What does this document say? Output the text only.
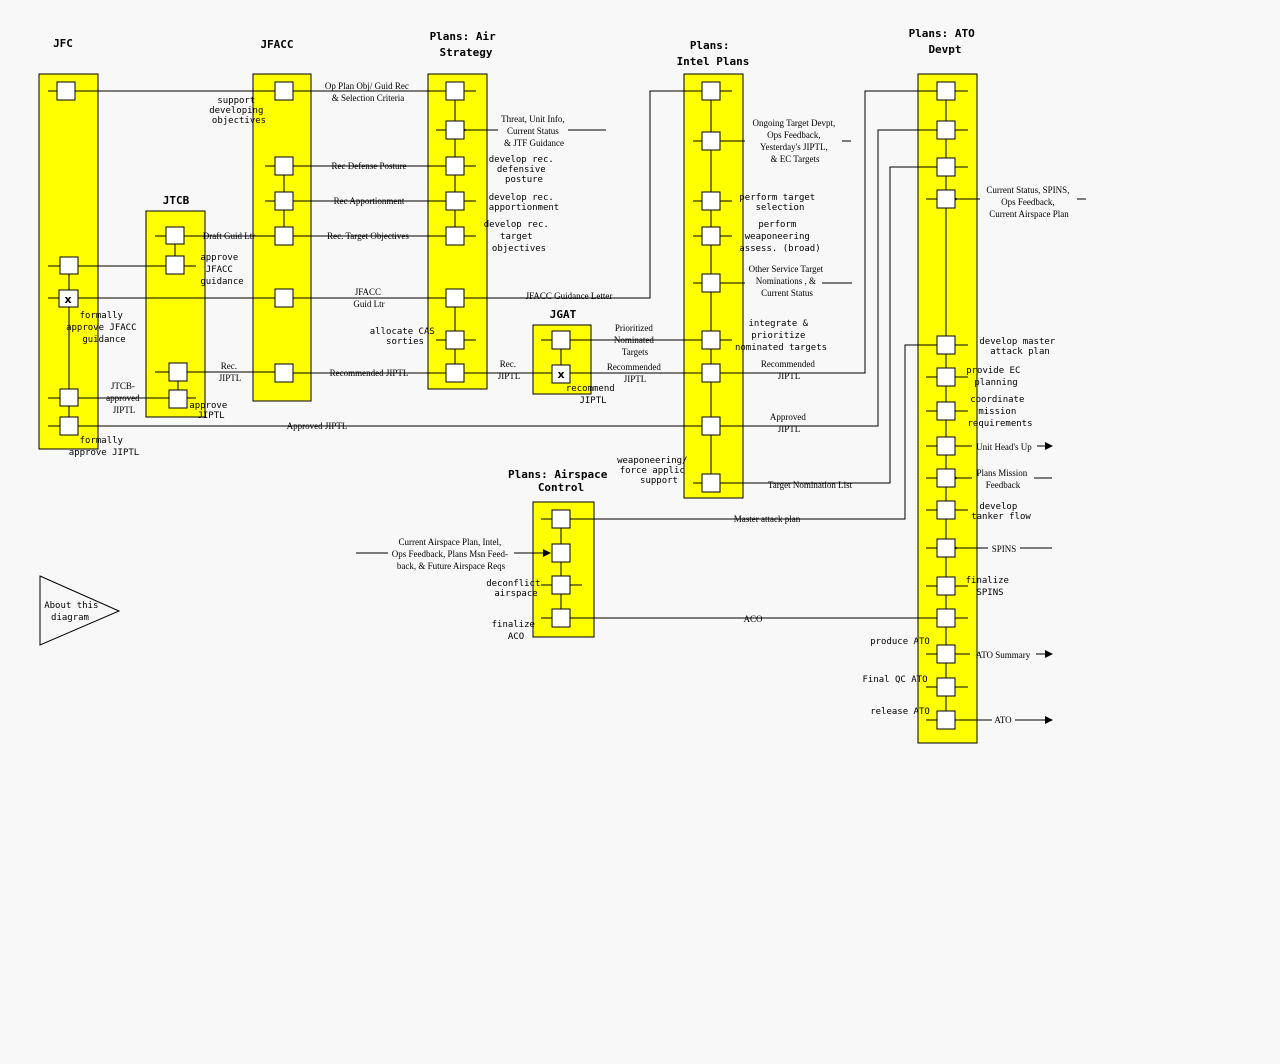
JFC	JFACC
Plans: Air Strategy
JTCB
Plans: Intel Plans
JGAT
Plans: Airspace Control
Plans: ATO Devpt
x
x
support developing objectives
formally approve JFACC guidance
formally approve JIPTL
approve JFACC guidance
approve JIPTL
develop rec. defensive posture
develop rec. apportionment
develop rec. target objectives
allocate CAS sorties
perform target selection
perform weaponeering assess. (broad)
integrate & prioritize nominated targets
weaponeering/ force applic support
recommend JIPTL
deconflict airspace
finalize ACO
develop master attack plan
provide EC planning
coordinate mission requirements
develop tanker flow
finalize SPINS
produce ATO
Final QC ATO
release ATO
Op Plan Obj/ Guid Rec & Selection Criteria
Threat, Unit Info, Current Status & JTF Guidance
Rec Defense Posture
Rec Apportionment
Draft Guid Ltr	Rec. Target Objectives
JFACC Guid Ltr
JFACC Guidance Letter
Rec. JIPTL	Recommended JIPTL
Rec. JIPTL
Prioritized Nominated Targets
Recommended JIPTL
Recommended JIPTL
JTCB- approved JIPTL
Approved JIPTL
Approved JIPTL
Ongoing Target Devpt, Ops Feedback, Yesterday's JIPTL, & EC Targets
Other Service Target Nominations , & Current Status
Target Nomination List
Current Status, SPINS, Ops Feedback, Current Airspace Plan
Master attack plan
Current Airspace Plan, Intel, Ops Feedback, Plans Msn Feed- back, & Future Airspace Reqs
ACO
Unit Head's Up
Plans Mission Feedback
SPINS
ATO Summary
ATO
About this diagram
